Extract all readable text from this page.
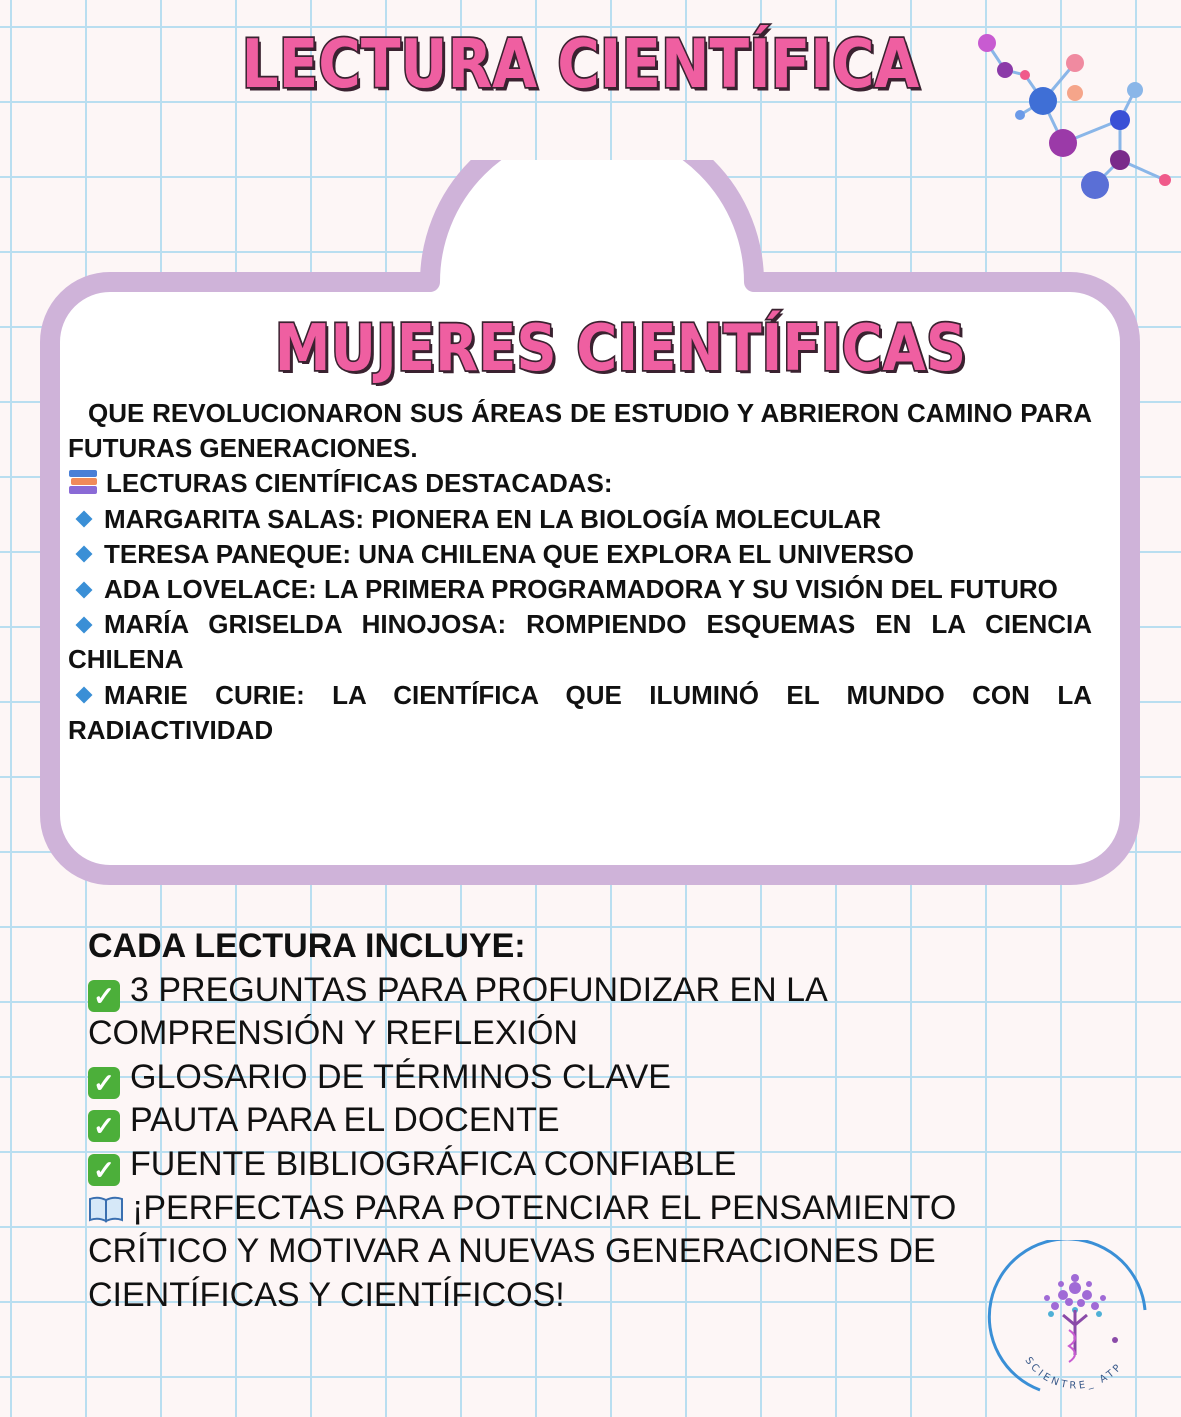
LECTURA CIENTÍFICA
MUJERES CIENTÍFICAS

QUE REVOLUCIONARON SUS ÁREAS DE ESTUDIO Y ABRIERON CAMINO PARA FUTURAS GENERACIONES.

LECTURAS CIENTÍFICAS DESTACADAS:

MARGARITA SALAS: PIONERA EN LA BIOLOGÍA MOLECULAR

TERESA PANEQUE: UNA CHILENA QUE EXPLORA EL UNIVERSO

ADA LOVELACE: LA PRIMERA PROGRAMADORA Y SU VISIÓN DEL FUTURO

MARÍA GRISELDA HINOJOSA: ROMPIENDO ESQUEMAS EN LA CIENCIA CHILENA

MARIE CURIE: LA CIENTÍFICA QUE ILUMINÓ EL MUNDO CON LA RADIACTIVIDAD

CADA LECTURA INCLUYE:

✓ 3 PREGUNTAS PARA PROFUNDIZAR EN LA COMPRENSIÓN Y REFLEXIÓN

✓ GLOSARIO DE TÉRMINOS CLAVE

✓ PAUTA PARA EL DOCENTE

✓ FUENTE BIBLIOGRÁFICA CONFIABLE

¡PERFECTAS PARA POTENCIAR EL PENSAMIENTO CRÍTICO Y MOTIVAR A NUEVAS GENERACIONES DE CIENTÍFICAS Y CIENTÍFICOS!

SCIENTRE_ ATP
